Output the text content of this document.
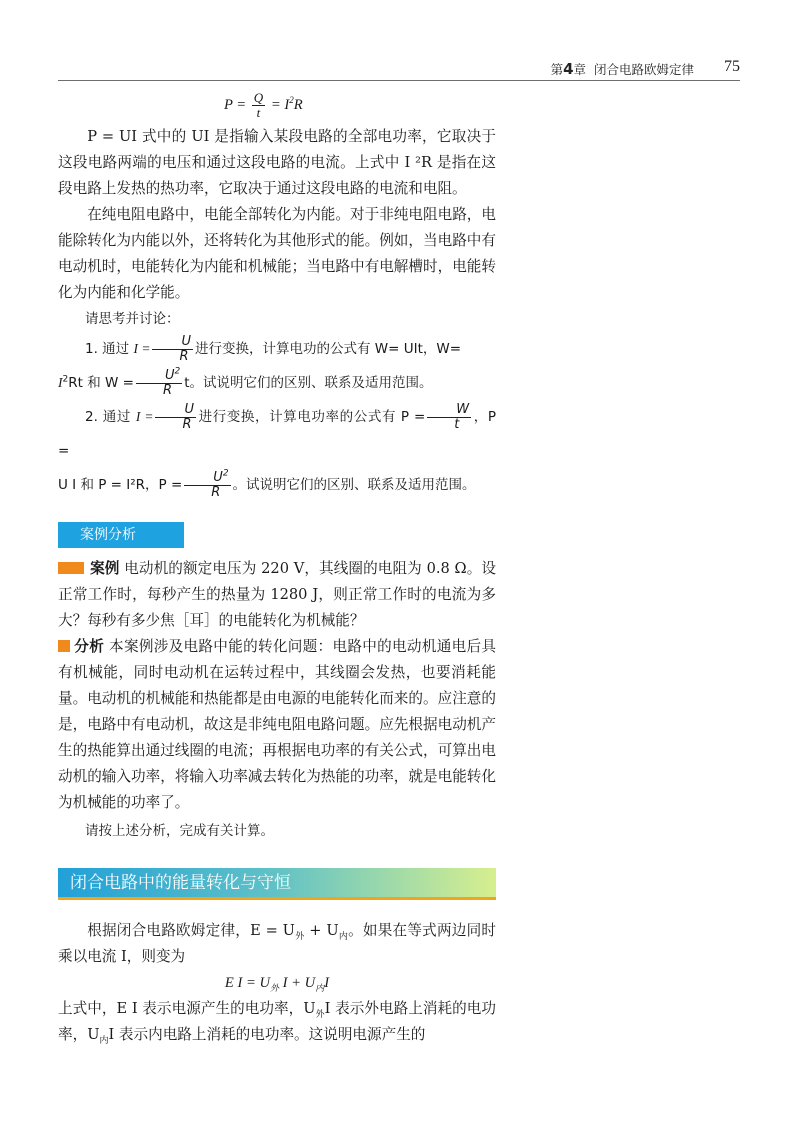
第4章 闭合电路欧姆定律 75
$P = \frac{Q}{t} = I^2R$

P = UI 式中的 UI 是指输入某段电路的全部电功率，它取决于这段电路两端的电压和通过这段电路的电流。上式中 I ²R 是指在这段电路上发热的热功率，它取决于通过这段电路的电流和电阻。

在纯电阻电路中，电能全部转化为内能。对于非纯电阻电路，电能除转化为内能以外，还将转化为其他形式的能。例如，当电路中有电动机时，电能转化为内能和机械能；当电路中有电解槽时，电能转化为内能和化学能。

请思考并讨论：

1. 通过 $I = \frac{U}{R}$ 进行变换，计算电功的公式有 W= UIt，W=
$I^2Rt$ 和 $W = \frac{U^2}{R}$ t。试说明它们的区别、联系及适用范围。

2. 通过 $I = \frac{U}{R}$ 进行变换，计算电功率的公式有 $P = \frac{W}{t}$ ，P =
U I 和 P = I²R，$P = \frac{U^2}{R}$ 。试说明它们的区别、联系及适用范围。

案例分析

案例 电动机的额定电压为 220 V，其线圈的电阻为 0.8 Ω。设正常工作时，每秒产生的热量为 1280 J，则正常工作时的电流为多大？每秒有多少焦［耳］的电能转化为机械能？

分析 本案例涉及电路中能的转化问题：电路中的电动机通电后具有机械能，同时电动机在运转过程中，其线圈会发热，也要消耗能量。电动机的机械能和热能都是由电源的电能转化而来的。应注意的是，电路中有电动机，故这是非纯电阻电路问题。应先根据电动机产生的热能算出通过线圈的电流；再根据电功率的有关公式，可算出电动机的输入功率，将输入功率减去转化为热能的功率，就是电能转化为机械能的功率了。

请按上述分析，完成有关计算。

闭合电路中的能量转化与守恒

根据闭合电路欧姆定律，$E = U_外 + U_内$。如果在等式两边同时乘以电流 I，则变为

E $I = U_外$ $I + U_内I$

上式中，E I 表示电源产生的电功率，$U_外I$ 表示外电路上消耗的电功率，$U_内I$ 表示内电路上消耗的电功率。这说明电源产生的
